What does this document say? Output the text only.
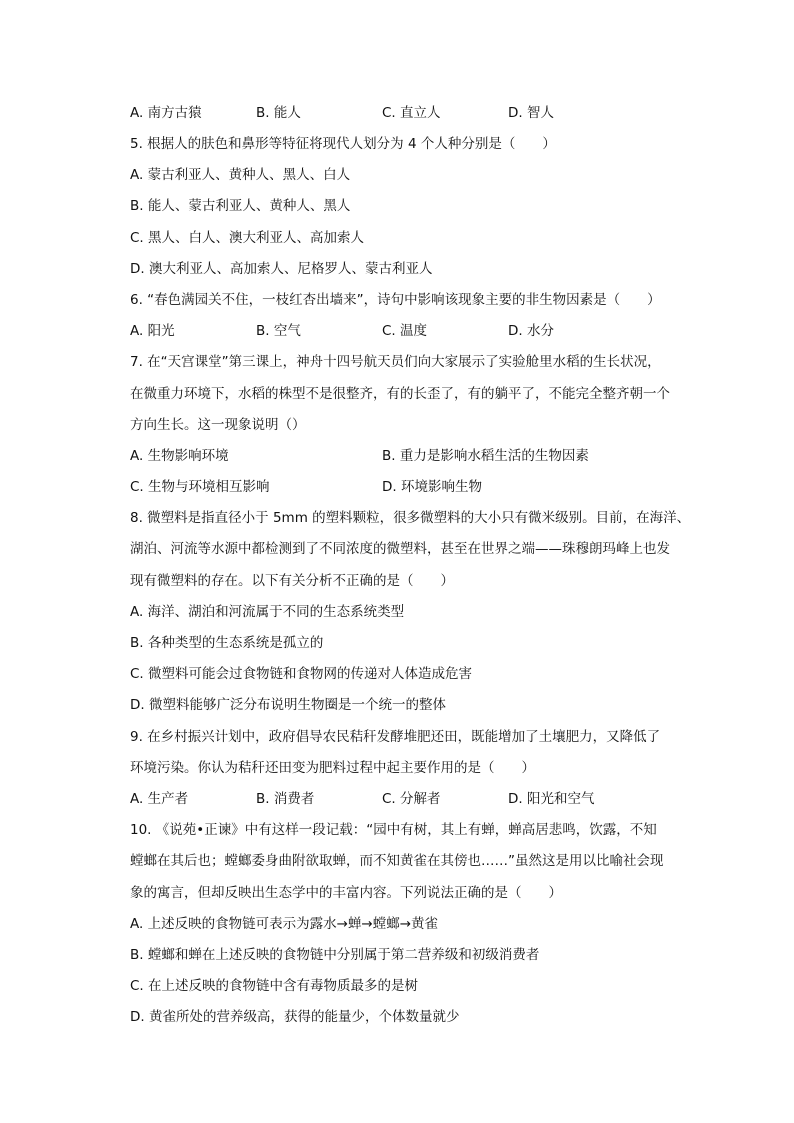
A. 南方古猿	B. 能人	C. 直立人	D. 智人
5. 根据人的肤色和鼻形等特征将现代人划分为 4 个人种分别是（　　）
A. 蒙古利亚人、黄种人、黑人、白人
B. 能人、蒙古利亚人、黄种人、黑人
C. 黑人、白人、澳大利亚人、高加索人
D. 澳大利亚人、高加索人、尼格罗人、蒙古利亚人
6. “春色满园关不住，一枝红杏出墙来”，诗句中影响该现象主要的非生物因素是（　　）
A. 阳光	B. 空气	C. 温度	D. 水分
7. 在“天宫课堂”第三课上，神舟十四号航天员们向大家展示了实验舱里水稻的生长状况，
在微重力环境下，水稻的株型不是很整齐，有的长歪了，有的躺平了，不能完全整齐朝一个
方向生长。这一现象说明（）
A. 生物影响环境	B. 重力是影响水稻生活的生物因素
C. 生物与环境相互影响	D. 环境影响生物
8. 微塑料是指直径小于 5mm 的塑料颗粒，很多微塑料的大小只有微米级别。目前，在海洋、
湖泊、河流等水源中都检测到了不同浓度的微塑料，甚至在世界之端——珠穆朗玛峰上也发
现有微塑料的存在。以下有关分析不正确的是（　　）
A. 海洋、湖泊和河流属于不同的生态系统类型
B. 各种类型的生态系统是孤立的
C. 微塑料可能会过食物链和食物网的传递对人体造成危害
D. 微塑料能够广泛分布说明生物圈是一个统一的整体
9. 在乡村振兴计划中，政府倡导农民秸秆发酵堆肥还田，既能增加了土壤肥力，又降低了
环境污染。你认为秸秆还田变为肥料过程中起主要作用的是（　　）
A. 生产者	B. 消费者	C. 分解者	D. 阳光和空气
10. 《说苑•正谏》中有这样一段记载：“园中有树，其上有蝉，蝉高居悲鸣，饮露，不知
螳螂在其后也；螳螂委身曲附欲取蝉，而不知黄雀在其傍也……”虽然这是用以比喻社会现
象的寓言，但却反映出生态学中的丰富内容。下列说法正确的是（　　）
A. 上述反映的食物链可表示为露水→蝉→螳螂→黄雀
B. 螳螂和蝉在上述反映的食物链中分别属于第二营养级和初级消费者
C. 在上述反映的食物链中含有毒物质最多的是树
D. 黄雀所处的营养级高，获得的能量少，个体数量就少
